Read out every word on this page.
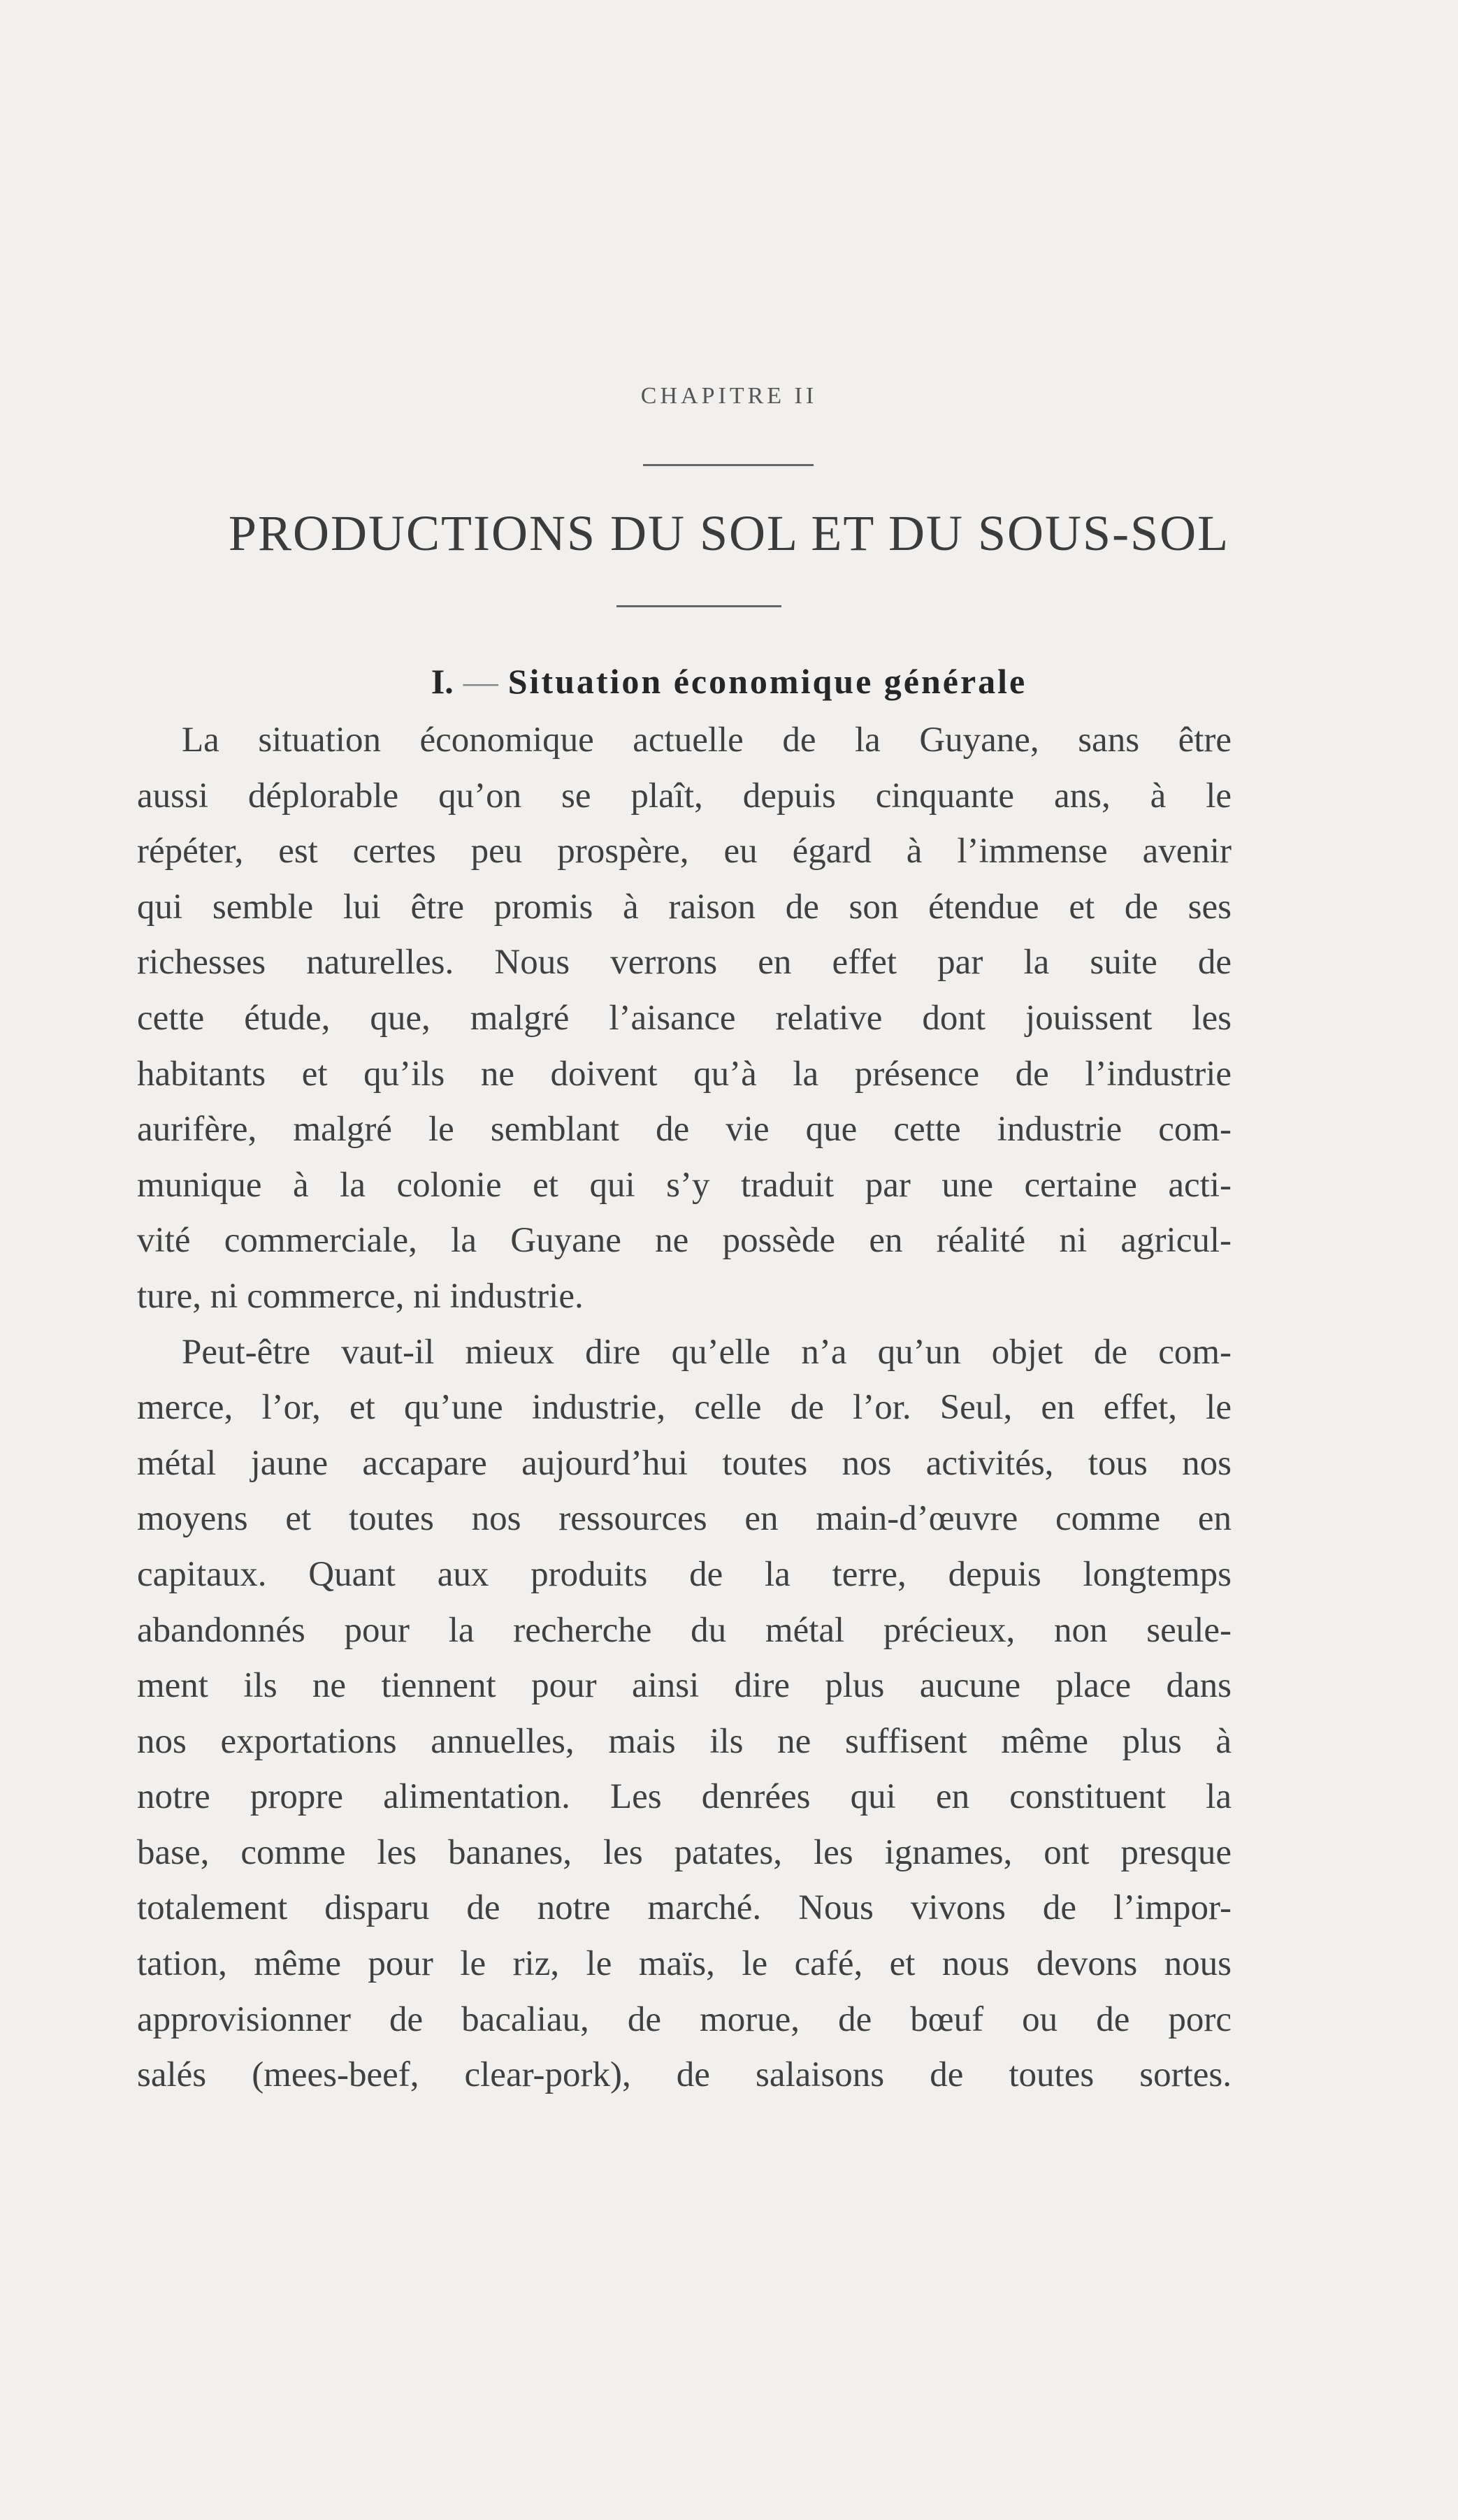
CHAPITRE II
PRODUCTIONS DU SOL ET DU SOUS-SOL
I. — Situation économique générale
La situation économique actuelle de la Guyane, sans être
aussi déplorable qu’on se plaît, depuis cinquante ans, à le
répéter, est certes peu prospère, eu égard à l’immense avenir
qui semble lui être promis à raison de son étendue et de ses
richesses naturelles. Nous verrons en effet par la suite de
cette étude, que, malgré l’aisance relative dont jouissent les
habitants et qu’ils ne doivent qu’à la présence de l’industrie
aurifère, malgré le semblant de vie que cette industrie com-
munique à la colonie et qui s’y traduit par une certaine acti-
vité commerciale, la Guyane ne possède en réalité ni agricul-
ture, ni commerce, ni industrie.
Peut-être vaut-il mieux dire qu’elle n’a qu’un objet de com-
merce, l’or, et qu’une industrie, celle de l’or. Seul, en effet, le
métal jaune accapare aujourd’hui toutes nos activités, tous nos
moyens et toutes nos ressources en main-d’œuvre comme en
capitaux. Quant aux produits de la terre, depuis longtemps
abandonnés pour la recherche du métal précieux, non seule-
ment ils ne tiennent pour ainsi dire plus aucune place dans
nos exportations annuelles, mais ils ne suffisent même plus à
notre propre alimentation. Les denrées qui en constituent la
base, comme les bananes, les patates, les ignames, ont presque
totalement disparu de notre marché. Nous vivons de l’impor-
tation, même pour le riz, le maïs, le café, et nous devons nous
approvisionner de bacaliau, de morue, de bœuf ou de porc
salés (mees-beef, clear-pork), de salaisons de toutes sortes.
